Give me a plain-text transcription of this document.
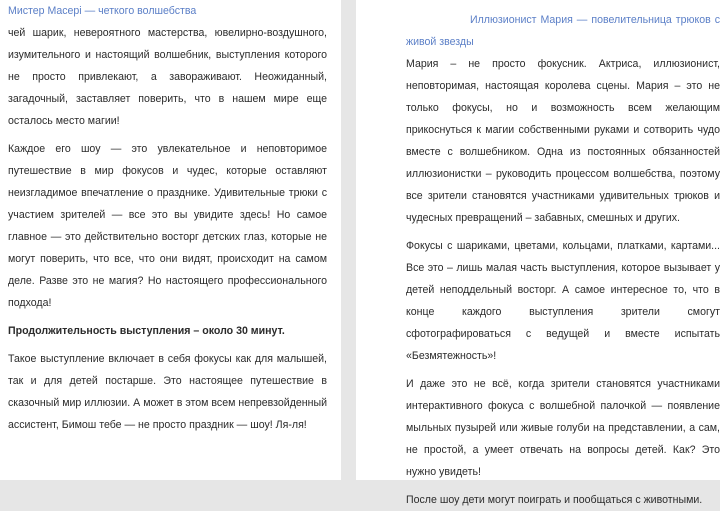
Мистер Maсерi — четкого волшебства

чей шарик, невероятного мастерства, ювелирно-воздушного, изумительного и настоящий волшебник, выступления которого не просто привлекают, а завораживают. Неожиданный, загадочный, заставляет поверить, что в нашем мире еще осталось место магии!

Каждое его шоу — это увлекательное и неповторимое путешествие в мир фокусов и чудес, которые оставляют неизгладимое впечатление о празднике. Удивительные трюки с участием зрителей — все это вы увидите здесь! Но самое главное — это действительно восторг детских глаз, которые не могут поверить, что все, что они видят, происходит на самом деле. Разве это не магия? Но настоящего профессионального подхода!

Продолжительность выступления – около 30 минут.

Такое выступление включает в себя фокусы как для малышей, так и для детей постарше. Это настоящее путешествие в сказочный мир иллюзии. А может в этом всем непревзойденный ассистент, Бимош тебе — не просто праздник — шоу! Ля-ля!

Иллюзионист Мария — повелительница трюков с живой звезды

Мария – не просто фокусник. Актриса, иллюзионист, неповторимая, настоящая королева сцены. Мария – это не только фокусы, но и возможность всем желающим прикоснуться к магии собственными руками и сотворить чудо вместе с волшебником. Одна из постоянных обязанностей иллюзионистки – руководить процессом волшебства, поэтому все зрители становятся участниками удивительных трюков и чудесных превращений – забавных, смешных и других.

Фокусы с шариками, цветами, кольцами, платками, картами... Все это – лишь малая часть выступления, которое вызывает у детей неподдельный восторг. А самое интересное то, что в конце каждого выступления зрители смогут сфотографироваться с ведущей и вместе испытать «Безмятежность»!

И даже это не всё, когда зрители становятся участниками интерактивного фокуса с волшебной палочкой — появление мыльных пузырей или живые голуби на представлении, а сам, не простой, а умеет отвечать на вопросы детей. Как? Это нужно увидеть!

После шоу дети могут поиграть и пообщаться с животными.
